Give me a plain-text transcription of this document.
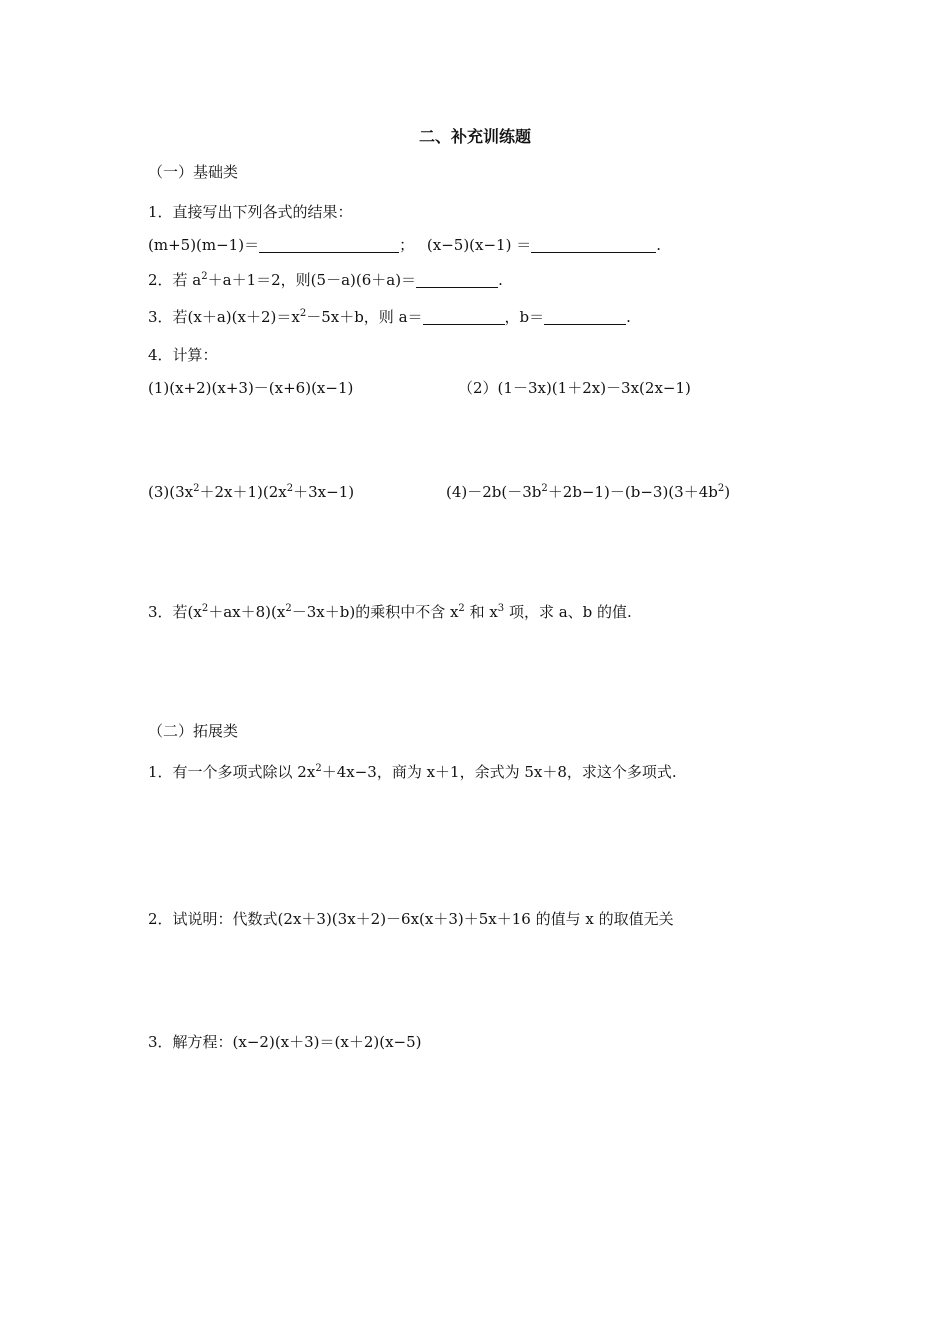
二、补充训练题
（一）基础类
1．直接写出下列各式的结果：
(m+5)(m−1)＝	； (x−5)(x−1) ＝	.
2．若 $a^2+a+1=2$，则(5－a)(6＋a)＝	.
3．若$(x+a)(x+2)=x^2-5x+b$，则 a＝	，b＝	.
4．计算：
(1)(x+2)(x+3)－(x+6)(x−1)	（2）(1－3x)(1＋2x)－3x(2x−1)
$(3)(3x^2+2x+1)(2x^2+3x-1)$	$(4)-2b(-3b^2+2b-1)-(b-3)(3+4b^2)$
3．若$(x^2+ax+8)(x^2-3x+b)$的乘积中不含 $x^2$ 和 $x^3$ 项，求 a、b 的值.
（二）拓展类
1．有一个多项式除以 $2x^2+4x-3$，商为 x＋1，余式为 5x＋8，求这个多项式.
2．试说明：代数式(2x＋3)(3x＋2)－6x(x＋3)＋5x＋16 的值与 x 的取值无关
3．解方程：(x−2)(x＋3)＝(x＋2)(x−5)
